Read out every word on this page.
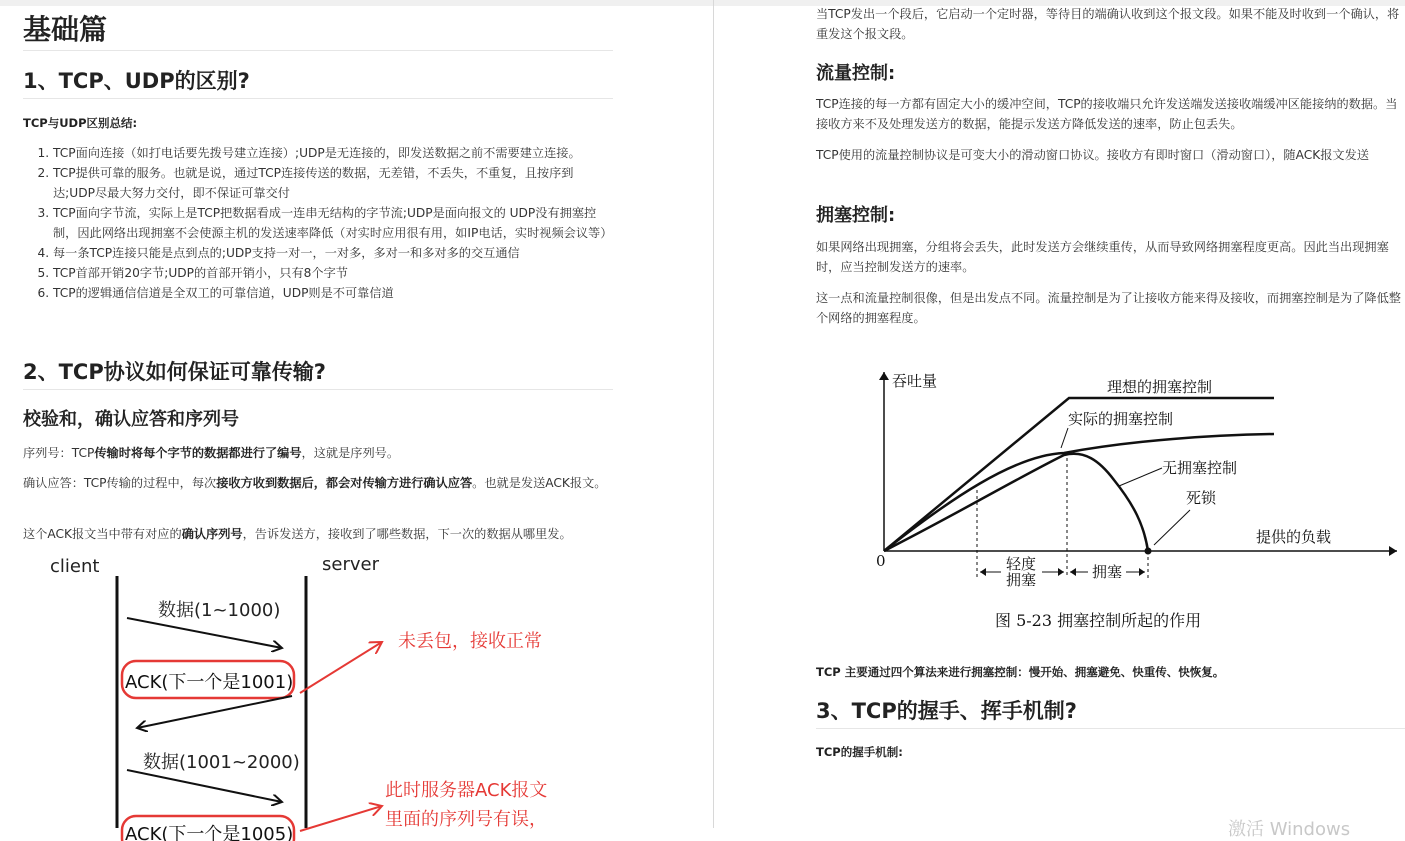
基础篇
1、TCP、UDP的区别?
TCP与UDP区别总结:
1. TCP面向连接（如打电话要先拨号建立连接）;UDP是无连接的，即发送数据之前不需要建立连接。
2. TCP提供可靠的服务。也就是说，通过TCP连接传送的数据，无差错，不丢失，不重复，且按序到达;UDP尽最大努力交付，即不保证可靠交付
3. TCP面向字节流，实际上是TCP把数据看成一连串无结构的字节流;UDP是面向报文的 UDP没有拥塞控制，因此网络出现拥塞不会使源主机的发送速率降低（对实时应用很有用，如IP电话，实时视频会议等）
4. 每一条TCP连接只能是点到点的;UDP支持一对一，一对多，多对一和多对多的交互通信
5. TCP首部开销20字节;UDP的首部开销小，只有8个字节
6. TCP的逻辑通信信道是全双工的可靠信道，UDP则是不可靠信道
2、TCP协议如何保证可靠传输?
校验和，确认应答和序列号

序列号：TCP传输时将每个字节的数据都进行了编号，这就是序列号。

确认应答：TCP传输的过程中，每次接收方收到数据后，都会对传输方进行确认应答。也就是发送ACK报文。

这个ACK报文当中带有对应的确认序列号，告诉发送方，接收到了哪些数据，下一次的数据从哪里发。

client	server
数据(1~1000)
ACK(下一个是1001)
未丢包，接收正常
数据(1001~2000)
ACK(下一个是1005)
此时服务器ACK报文
里面的序列号有误，

当TCP发出一个段后，它启动一个定时器，等待目的端确认收到这个报文段。如果不能及时收到一个确认，将重发这个报文段。

流量控制:

TCP连接的每一方都有固定大小的缓冲空间，TCP的接收端只允许发送端发送接收端缓冲区能接纳的数据。当接收方来不及处理发送方的数据，能提示发送方降低发送的速率，防止包丢失。

TCP使用的流量控制协议是可变大小的滑动窗口协议。接收方有即时窗口（滑动窗口），随ACK报文发送

拥塞控制:

如果网络出现拥塞，分组将会丢失，此时发送方会继续重传，从而导致网络拥塞程度更高。因此当出现拥塞时，应当控制发送方的速率。

这一点和流量控制很像，但是出发点不同。流量控制是为了让接收方能来得及接收，而拥塞控制是为了降低整个网络的拥塞程度。

吞吐量
提供的负载
0
理想的拥塞控制
实际的拥塞控制
无拥塞控制
死锁
轻度
拥塞	拥塞
图 5-23 拥塞控制所起的作用
TCP 主要通过四个算法来进行拥塞控制：慢开始、拥塞避免、快重传、快恢复。
3、TCP的握手、挥手机制?
TCP的握手机制:
激活 Windows
